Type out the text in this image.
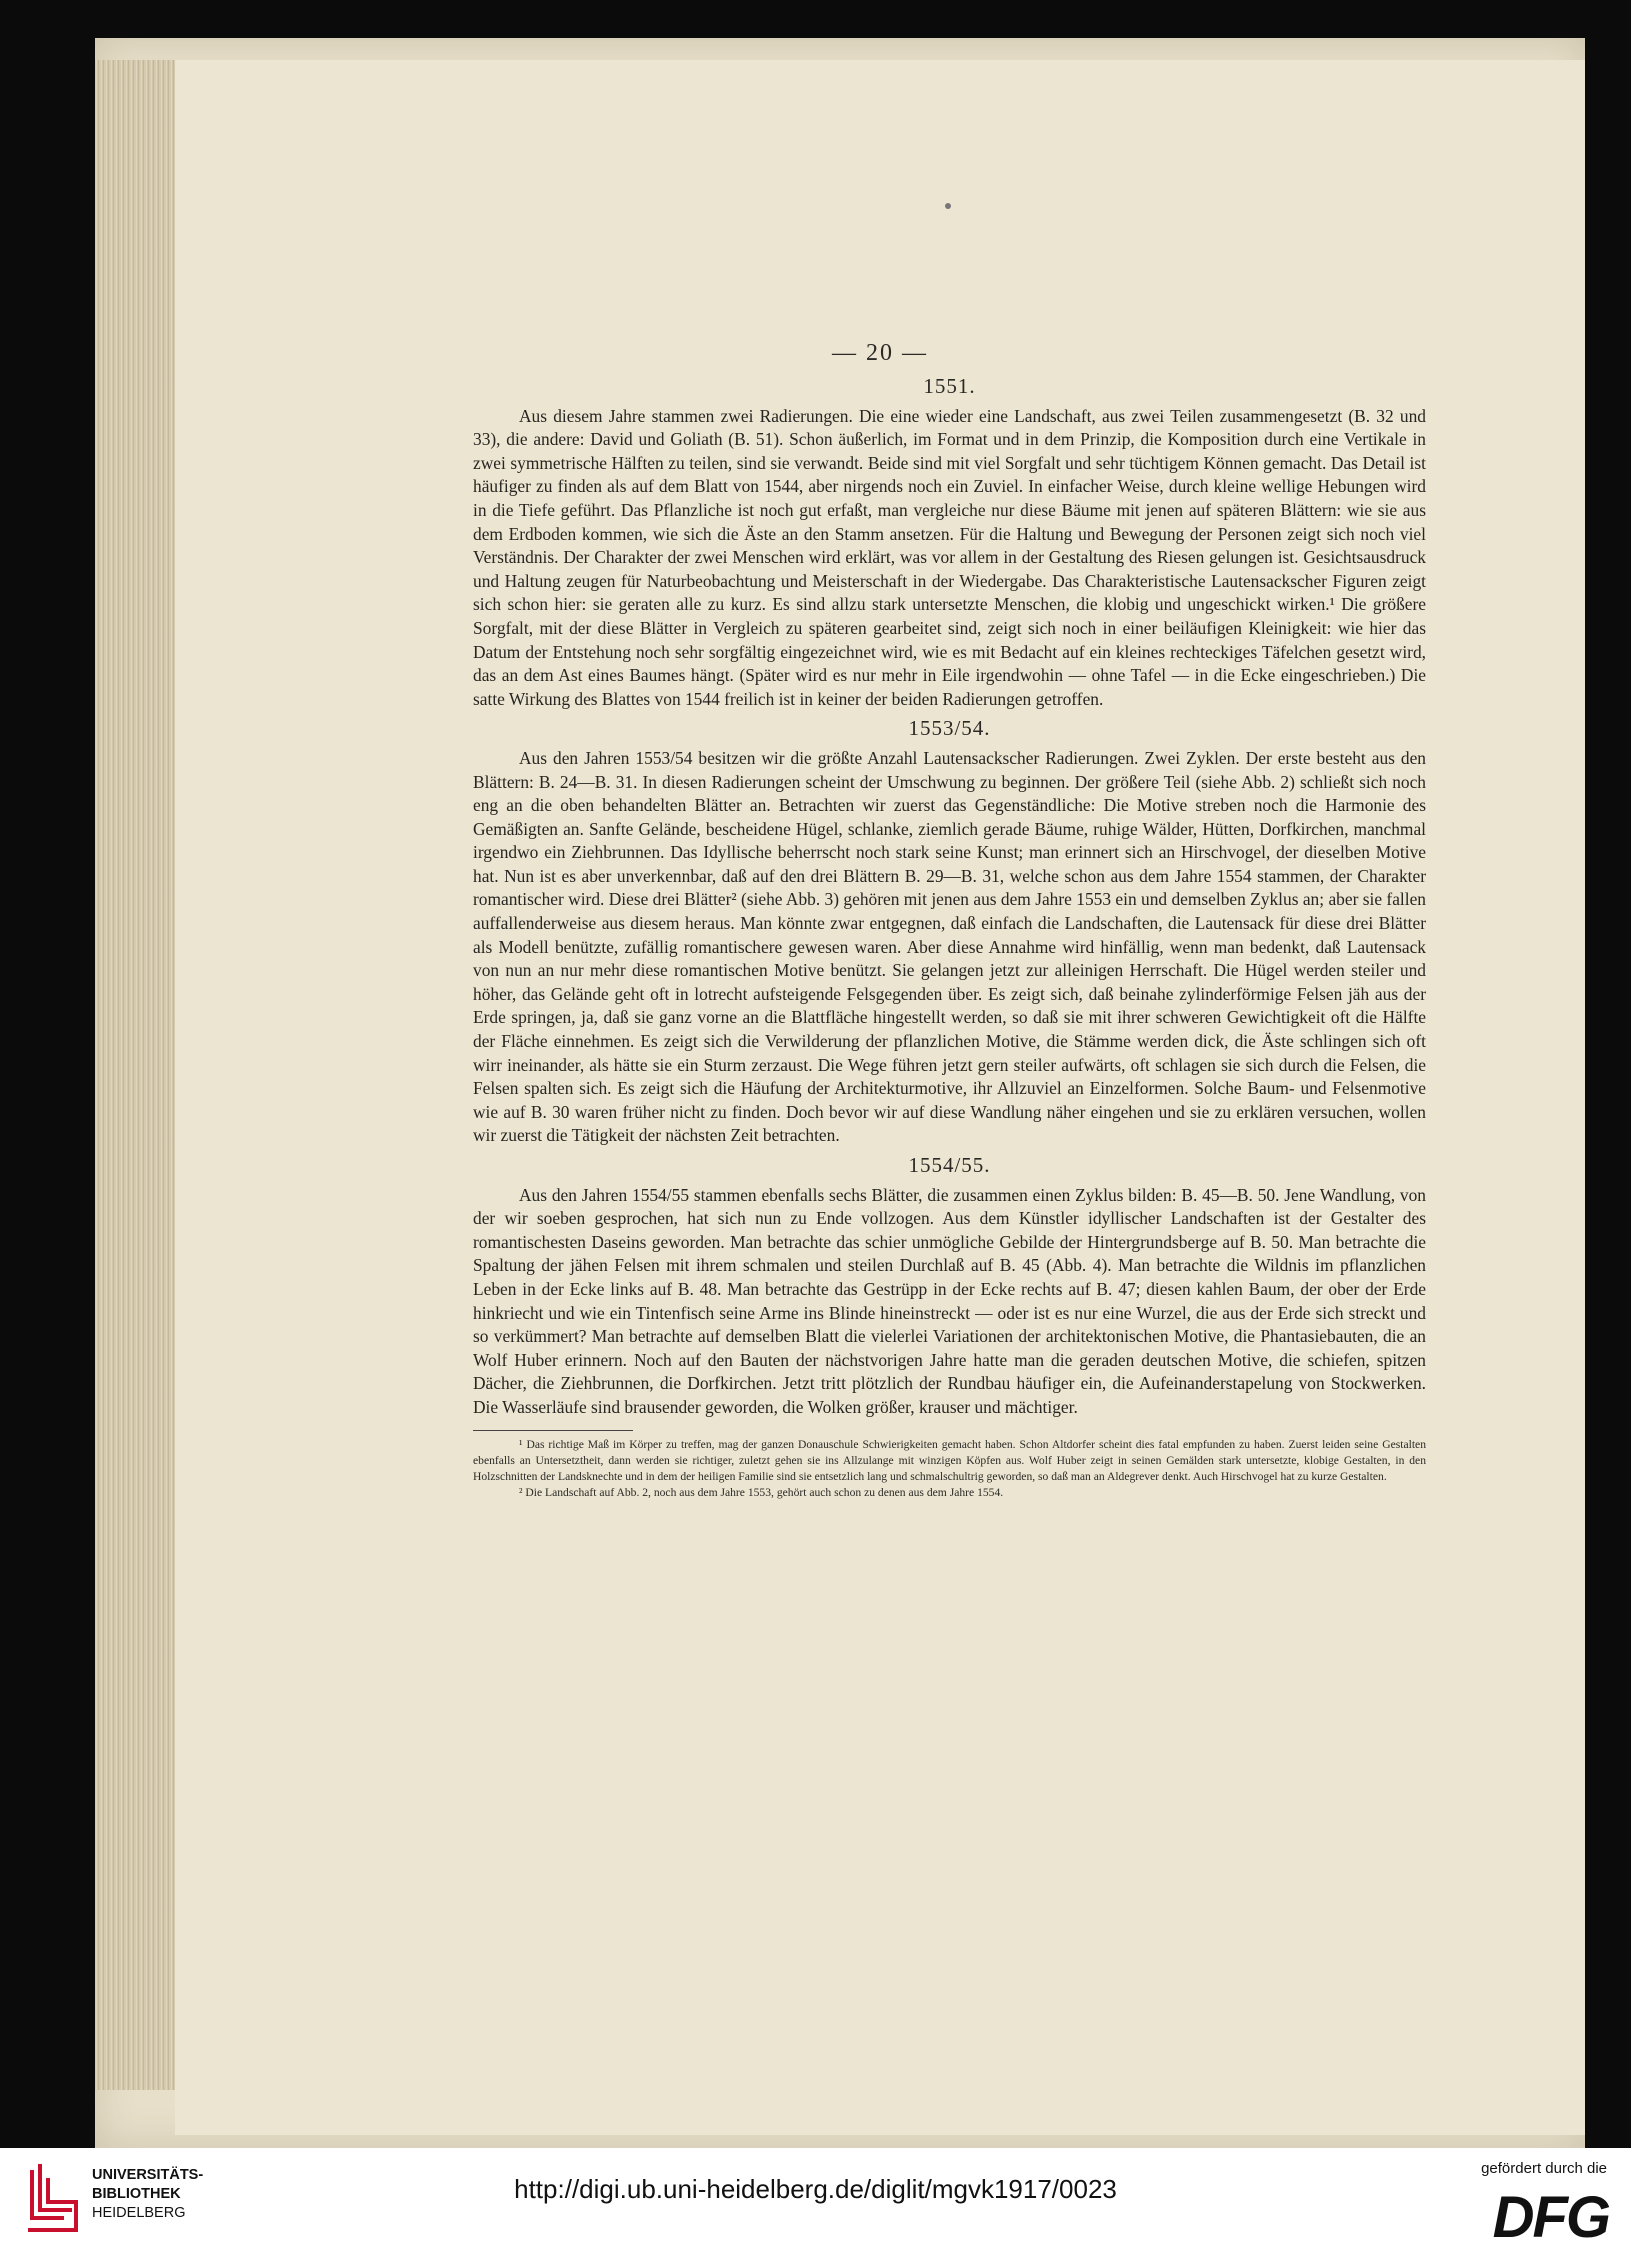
— 20 —
1551.

Aus diesem Jahre stammen zwei Radierungen. Die eine wieder eine Landschaft, aus zwei Teilen zusammengesetzt (B. 32 und 33), die andere: David und Goliath (B. 51). Schon äußerlich, im Format und in dem Prinzip, die Komposition durch eine Vertikale in zwei symmetrische Hälften zu teilen, sind sie verwandt. Beide sind mit viel Sorgfalt und sehr tüchtigem Können gemacht. Das Detail ist häufiger zu finden als auf dem Blatt von 1544, aber nirgends noch ein Zuviel. In einfacher Weise, durch kleine wellige Hebungen wird in die Tiefe geführt. Das Pflanzliche ist noch gut erfaßt, man vergleiche nur diese Bäume mit jenen auf späteren Blättern: wie sie aus dem Erdboden kommen, wie sich die Äste an den Stamm ansetzen. Für die Haltung und Bewegung der Personen zeigt sich noch viel Verständnis. Der Charakter der zwei Menschen wird erklärt, was vor allem in der Gestaltung des Riesen gelungen ist. Gesichtsausdruck und Haltung zeugen für Naturbeobachtung und Meisterschaft in der Wiedergabe. Das Charakteristische Lautensackscher Figuren zeigt sich schon hier: sie geraten alle zu kurz. Es sind allzu stark untersetzte Menschen, die klobig und ungeschickt wirken.¹ Die größere Sorgfalt, mit der diese Blätter in Vergleich zu späteren gearbeitet sind, zeigt sich noch in einer beiläufigen Kleinigkeit: wie hier das Datum der Entstehung noch sehr sorgfältig eingezeichnet wird, wie es mit Bedacht auf ein kleines rechteckiges Täfelchen gesetzt wird, das an dem Ast eines Baumes hängt. (Später wird es nur mehr in Eile irgendwohin — ohne Tafel — in die Ecke eingeschrieben.) Die satte Wirkung des Blattes von 1544 freilich ist in keiner der beiden Radierungen getroffen.

1553/54.

Aus den Jahren 1553/54 besitzen wir die größte Anzahl Lautensackscher Radierungen. Zwei Zyklen. Der erste besteht aus den Blättern: B. 24—B. 31. In diesen Radierungen scheint der Umschwung zu beginnen. Der größere Teil (siehe Abb. 2) schließt sich noch eng an die oben behandelten Blätter an. Betrachten wir zuerst das Gegenständliche: Die Motive streben noch die Harmonie des Gemäßigten an. Sanfte Gelände, bescheidene Hügel, schlanke, ziemlich gerade Bäume, ruhige Wälder, Hütten, Dorfkirchen, manchmal irgendwo ein Ziehbrunnen. Das Idyllische beherrscht noch stark seine Kunst; man erinnert sich an Hirschvogel, der dieselben Motive hat. Nun ist es aber unverkennbar, daß auf den drei Blättern B. 29—B. 31, welche schon aus dem Jahre 1554 stammen, der Charakter romantischer wird. Diese drei Blätter² (siehe Abb. 3) gehören mit jenen aus dem Jahre 1553 ein und demselben Zyklus an; aber sie fallen auffallenderweise aus diesem heraus. Man könnte zwar entgegnen, daß einfach die Landschaften, die Lautensack für diese drei Blätter als Modell benützte, zufällig romantischere gewesen waren. Aber diese Annahme wird hinfällig, wenn man bedenkt, daß Lautensack von nun an nur mehr diese romantischen Motive benützt. Sie gelangen jetzt zur alleinigen Herrschaft. Die Hügel werden steiler und höher, das Gelände geht oft in lotrecht aufsteigende Felsgegenden über. Es zeigt sich, daß beinahe zylinderförmige Felsen jäh aus der Erde springen, ja, daß sie ganz vorne an die Blattfläche hingestellt werden, so daß sie mit ihrer schweren Gewichtigkeit oft die Hälfte der Fläche einnehmen. Es zeigt sich die Verwilderung der pflanzlichen Motive, die Stämme werden dick, die Äste schlingen sich oft wirr ineinander, als hätte sie ein Sturm zerzaust. Die Wege führen jetzt gern steiler aufwärts, oft schlagen sie sich durch die Felsen, die Felsen spalten sich. Es zeigt sich die Häufung der Architekturmotive, ihr Allzuviel an Einzelformen. Solche Baum- und Felsenmotive wie auf B. 30 waren früher nicht zu finden. Doch bevor wir auf diese Wandlung näher eingehen und sie zu erklären versuchen, wollen wir zuerst die Tätigkeit der nächsten Zeit betrachten.

1554/55.

Aus den Jahren 1554/55 stammen ebenfalls sechs Blätter, die zusammen einen Zyklus bilden: B. 45—B. 50. Jene Wandlung, von der wir soeben gesprochen, hat sich nun zu Ende vollzogen. Aus dem Künstler idyllischer Landschaften ist der Gestalter des romantischesten Daseins geworden. Man betrachte das schier unmögliche Gebilde der Hintergrundsberge auf B. 50. Man betrachte die Spaltung der jähen Felsen mit ihrem schmalen und steilen Durchlaß auf B. 45 (Abb. 4). Man betrachte die Wildnis im pflanzlichen Leben in der Ecke links auf B. 48. Man betrachte das Gestrüpp in der Ecke rechts auf B. 47; diesen kahlen Baum, der ober der Erde hinkriecht und wie ein Tintenfisch seine Arme ins Blinde hineinstreckt — oder ist es nur eine Wurzel, die aus der Erde sich streckt und so verkümmert? Man betrachte auf demselben Blatt die vielerlei Variationen der architektonischen Motive, die Phantasiebauten, die an Wolf Huber erinnern. Noch auf den Bauten der nächstvorigen Jahre hatte man die geraden deutschen Motive, die schiefen, spitzen Dächer, die Ziehbrunnen, die Dorfkirchen. Jetzt tritt plötzlich der Rundbau häufiger ein, die Aufeinanderstapelung von Stockwerken. Die Wasserläufe sind brausender geworden, die Wolken größer, krauser und mächtiger.

¹ Das richtige Maß im Körper zu treffen, mag der ganzen Donauschule Schwierigkeiten gemacht haben. Schon Altdorfer scheint dies fatal empfunden zu haben. Zuerst leiden seine Gestalten ebenfalls an Untersetztheit, dann werden sie richtiger, zuletzt gehen sie ins Allzulange mit winzigen Köpfen aus. Wolf Huber zeigt in seinen Gemälden stark untersetzte, klobige Gestalten, in den Holzschnitten der Landsknechte und in dem der heiligen Familie sind sie entsetzlich lang und schmalschultrig geworden, so daß man an Aldegrever denkt. Auch Hirschvogel hat zu kurze Gestalten.

² Die Landschaft auf Abb. 2, noch aus dem Jahre 1553, gehört auch schon zu denen aus dem Jahre 1554.

UNIVERSITÄTS-
BIBLIOTHEK
HEIDELBERG
http://digi.ub.uni-heidelberg.de/diglit/mgvk1917/0023
gefördert durch die
DFG
